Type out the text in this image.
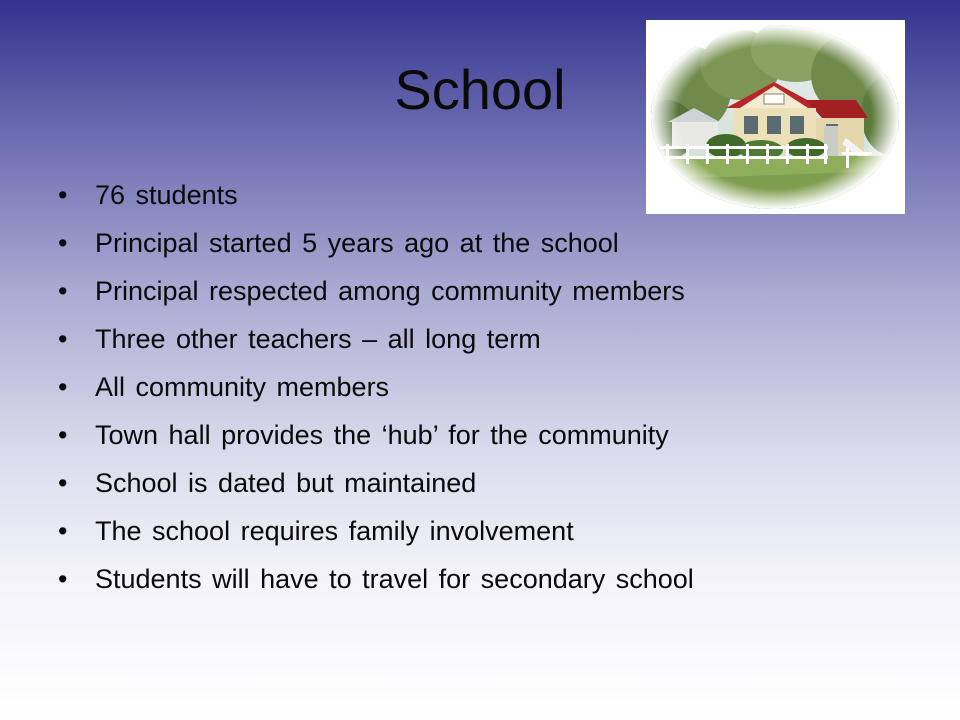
School
• 76 students
• Principal started 5 years ago at the school
• Principal respected among community members
• Three other teachers – all long term
• All community members
• Town hall provides the ‘hub’ for the community
• School is dated but maintained
• The school requires family involvement
• Students will have to travel for secondary school
